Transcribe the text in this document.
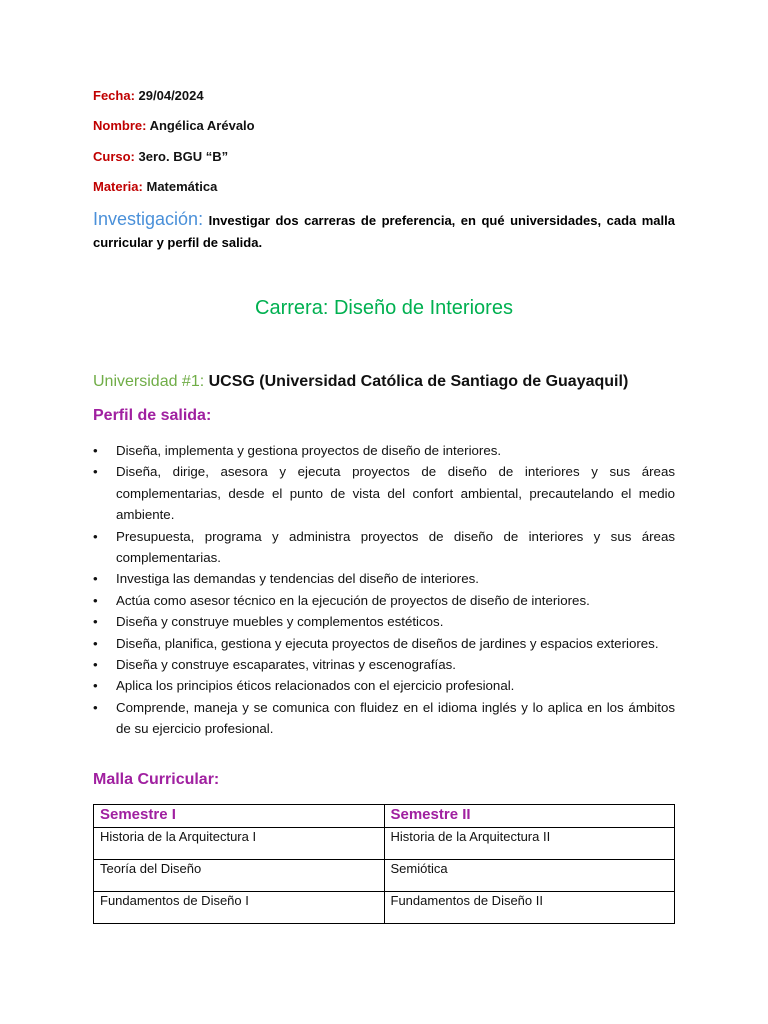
Fecha: 29/04/2024
Nombre: Angélica Arévalo
Curso: 3ero. BGU “B”
Materia: Matemática
Investigación: Investigar dos carreras de preferencia, en qué universidades, cada malla curricular y perfil de salida.
Carrera: Diseño de Interiores
Universidad #1: UCSG (Universidad Católica de Santiago de Guayaquil)
Perfil de salida:
• Diseña, implementa y gestiona proyectos de diseño de interiores.
• Diseña, dirige, asesora y ejecuta proyectos de diseño de interiores y sus áreas complementarias, desde el punto de vista del confort ambiental, precautelando el medio ambiente.
• Presupuesta, programa y administra proyectos de diseño de interiores y sus áreas complementarias.
• Investiga las demandas y tendencias del diseño de interiores.
• Actúa como asesor técnico en la ejecución de proyectos de diseño de interiores.
• Diseña y construye muebles y complementos estéticos.
• Diseña, planifica, gestiona y ejecuta proyectos de diseños de jardines y espacios exteriores.
• Diseña y construye escaparates, vitrinas y escenografías.
• Aplica los principios éticos relacionados con el ejercicio profesional.
• Comprende, maneja y se comunica con fluidez en el idioma inglés y lo aplica en los ámbitos de su ejercicio profesional.
Malla Curricular:
Semestre I	Semestre II
Historia de la Arquitectura I	Historia de la Arquitectura II
Teoría del Diseño	Semiótica
Fundamentos de Diseño I	Fundamentos de Diseño II
